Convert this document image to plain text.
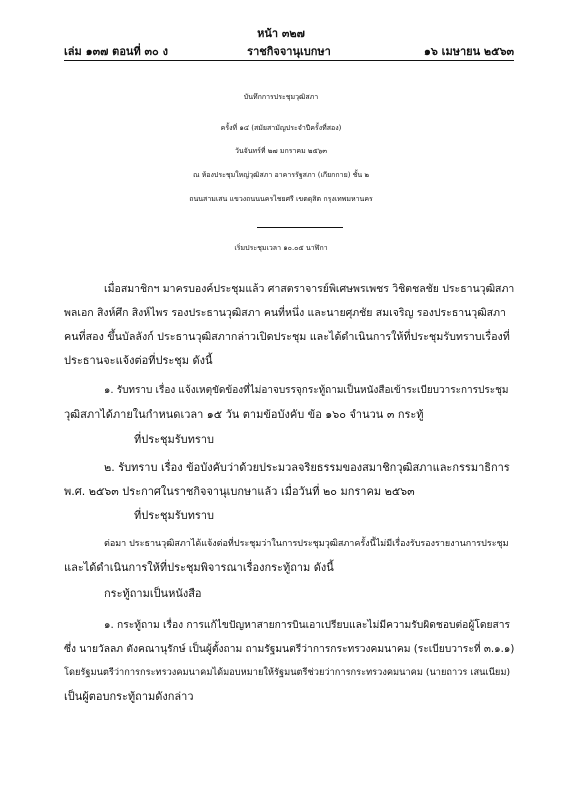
หน้า ๓๒๗
เล่ม ๑๓๗ ตอนที่ ๓๐ ง	ราชกิจจานุเบกษา	๑๖ เมษายน ๒๕๖๓
บันทึกการประชุมวุฒิสภา
ครั้งที่ ๑๔ (สมัยสามัญประจำปีครั้งที่สอง)
วันจันทร์ที่ ๒๗ มกราคม ๒๕๖๓
ณ ห้องประชุมใหญ่วุฒิสภา อาคารรัฐสภา (เกียกกาย) ชั้น ๒
ถนนสามเสน แขวงถนนนครไชยศรี เขตดุสิต กรุงเทพมหานคร
เริ่มประชุมเวลา ๑๐.๐๕ นาฬิกา
เมื่อสมาชิกฯ มาครบองค์ประชุมแล้ว ศาสตราจารย์พิเศษพรเพชร วิชิตชลชัย ประธานวุฒิสภา
พลเอก สิงห์ศึก สิงห์ไพร รองประธานวุฒิสภา คนที่หนึ่ง และนายศุภชัย สมเจริญ รองประธานวุฒิสภา
คนที่สอง ขึ้นบัลลังก์ ประธานวุฒิสภากล่าวเปิดประชุม และได้ดำเนินการให้ที่ประชุมรับทราบเรื่องที่
ประธานจะแจ้งต่อที่ประชุม ดังนี้
๑. รับทราบ เรื่อง แจ้งเหตุขัดข้องที่ไม่อาจบรรจุกระทู้ถามเป็นหนังสือเข้าระเบียบวาระการประชุม
วุฒิสภาได้ภายในกำหนดเวลา ๑๕ วัน ตามข้อบังคับ ข้อ ๑๖๐ จำนวน ๓ กระทู้
ที่ประชุมรับทราบ
๒. รับทราบ เรื่อง ข้อบังคับว่าด้วยประมวลจริยธรรมของสมาชิกวุฒิสภาและกรรมาธิการ
พ.ศ. ๒๕๖๓ ประกาศในราชกิจจานุเบกษาแล้ว เมื่อวันที่ ๒๐ มกราคม ๒๕๖๓
ที่ประชุมรับทราบ
ต่อมา ประธานวุฒิสภาได้แจ้งต่อที่ประชุมว่าในการประชุมวุฒิสภาครั้งนี้ไม่มีเรื่องรับรองรายงานการประชุม
และได้ดำเนินการให้ที่ประชุมพิจารณาเรื่องกระทู้ถาม ดังนี้
กระทู้ถามเป็นหนังสือ
๑. กระทู้ถาม เรื่อง การแก้ไขปัญหาสายการบินเอาเปรียบและไม่มีความรับผิดชอบต่อผู้โดยสาร
ซึ่ง นายวัลลภ ตังคณานุรักษ์ เป็นผู้ตั้งถาม ถามรัฐมนตรีว่าการกระทรวงคมนาคม (ระเบียบวาระที่ ๓.๑.๑)
โดยรัฐมนตรีว่าการกระทรวงคมนาคมได้มอบหมายให้รัฐมนตรีช่วยว่าการกระทรวงคมนาคม (นายถาวร เสนเนียม)
เป็นผู้ตอบกระทู้ถามดังกล่าว
